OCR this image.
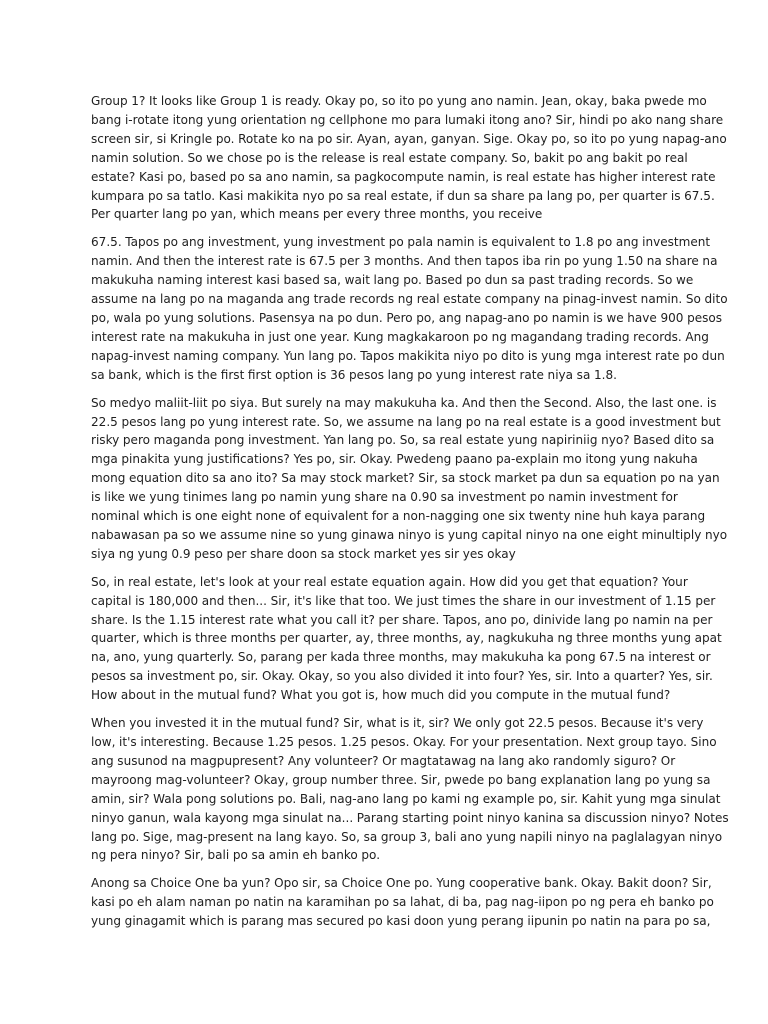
Group 1? It looks like Group 1 is ready. Okay po, so ito po yung ano namin. Jean, okay, baka pwede mo
bang i-rotate itong yung orientation ng cellphone mo para lumaki itong ano? Sir, hindi po ako nang share
screen sir, si Kringle po. Rotate ko na po sir. Ayan, ayan, ganyan. Sige. Okay po, so ito po yung napag-ano
namin solution. So we chose po is the release is real estate company. So, bakit po ang bakit po real
estate? Kasi po, based po sa ano namin, sa pagkocompute namin, is real estate has higher interest rate
kumpara po sa tatlo. Kasi makikita nyo po sa real estate, if dun sa share pa lang po, per quarter is 67.5.
Per quarter lang po yan, which means per every three months, you receive

67.5. Tapos po ang investment, yung investment po pala namin is equivalent to 1.8 po ang investment
namin. And then the interest rate is 67.5 per 3 months. And then tapos iba rin po yung 1.50 na share na
makukuha naming interest kasi based sa, wait lang po. Based po dun sa past trading records. So we
assume na lang po na maganda ang trade records ng real estate company na pinag-invest namin. So dito
po, wala po yung solutions. Pasensya na po dun. Pero po, ang napag-ano po namin is we have 900 pesos
interest rate na makukuha in just one year. Kung magkakaroon po ng magandang trading records. Ang
napag-invest naming company. Yun lang po. Tapos makikita niyo po dito is yung mga interest rate po dun
sa bank, which is the first first option is 36 pesos lang po yung interest rate niya sa 1.8.

So medyo maliit-liit po siya. But surely na may makukuha ka. And then the Second. Also, the last one. is
22.5 pesos lang po yung interest rate. So, we assume na lang po na real estate is a good investment but
risky pero maganda pong investment. Yan lang po. So, sa real estate yung napiriniig nyo? Based dito sa
mga pinakita yung justifications? Yes po, sir. Okay. Pwedeng paano pa-explain mo itong yung nakuha
mong equation dito sa ano ito? Sa may stock market? Sir, sa stock market pa dun sa equation po na yan
is like we yung tinimes lang po namin yung share na 0.90 sa investment po namin investment for
nominal which is one eight none of equivalent for a non-nagging one six twenty nine huh kaya parang
nabawasan pa so we assume nine so yung ginawa ninyo is yung capital ninyo na one eight minultiply nyo
siya ng yung 0.9 peso per share doon sa stock market yes sir yes okay

So, in real estate, let's look at your real estate equation again. How did you get that equation? Your
capital is 180,000 and then... Sir, it's like that too. We just times the share in our investment of 1.15 per
share. Is the 1.15 interest rate what you call it? per share. Tapos, ano po, dinivide lang po namin na per
quarter, which is three months per quarter, ay, three months, ay, nagkukuha ng three months yung apat
na, ano, yung quarterly. So, parang per kada three months, may makukuha ka pong 67.5 na interest or
pesos sa investment po, sir. Okay. Okay, so you also divided it into four? Yes, sir. Into a quarter? Yes, sir.
How about in the mutual fund? What you got is, how much did you compute in the mutual fund?

When you invested it in the mutual fund? Sir, what is it, sir? We only got 22.5 pesos. Because it's very
low, it's interesting. Because 1.25 pesos. 1.25 pesos. Okay. For your presentation. Next group tayo. Sino
ang susunod na magpupresent? Any volunteer? Or magtatawag na lang ako randomly siguro? Or
mayroong mag-volunteer? Okay, group number three. Sir, pwede po bang explanation lang po yung sa
amin, sir? Wala pong solutions po. Bali, nag-ano lang po kami ng example po, sir. Kahit yung mga sinulat
ninyo ganun, wala kayong mga sinulat na... Parang starting point ninyo kanina sa discussion ninyo? Notes
lang po. Sige, mag-present na lang kayo. So, sa group 3, bali ano yung napili ninyo na paglalagyan ninyo
ng pera ninyo? Sir, bali po sa amin eh banko po.

Anong sa Choice One ba yun? Opo sir, sa Choice One po. Yung cooperative bank. Okay. Bakit doon? Sir,
kasi po eh alam naman po natin na karamihan po sa lahat, di ba, pag nag-iipon po ng pera eh banko po
yung ginagamit which is parang mas secured po kasi doon yung perang iipunin po natin na para po sa,
